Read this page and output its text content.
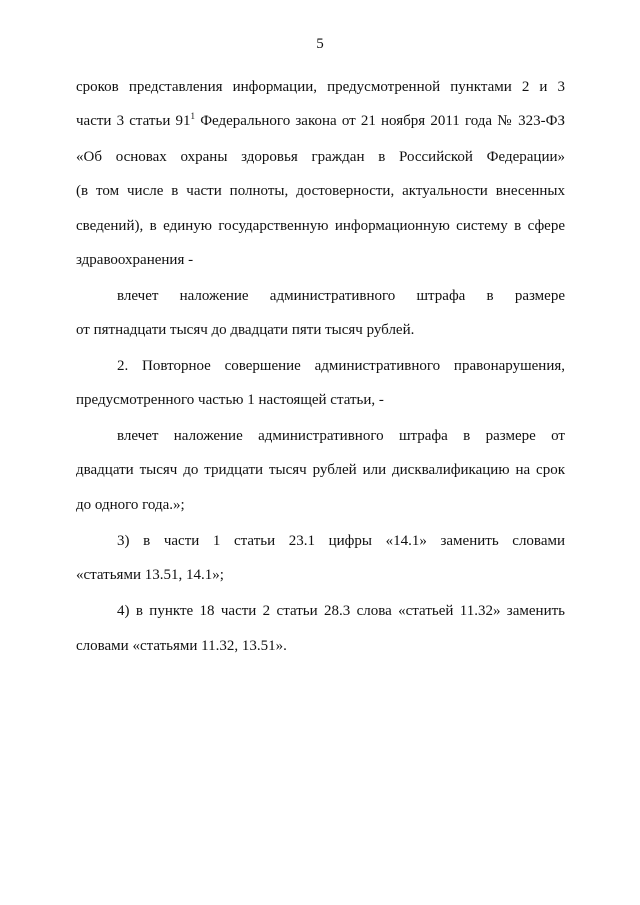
5
сроков представления информации, предусмотренной пунктами 2 и 3
части 3 статьи $91^1$ Федерального закона от 21 ноября 2011 года № 323-ФЗ
«Об основах охраны здоровья граждан в Российской Федерации»
(в том числе в части полноты, достоверности, актуальности внесенных
сведений), в единую государственную информационную систему в сфере
здравоохранения -
влечет наложение административного штрафа в размере
от пятнадцати тысяч до двадцати пяти тысяч рублей.
2. Повторное совершение административного правонарушения,
предусмотренного частью 1 настоящей статьи, -
влечет наложение административного штрафа в размере от
двадцати тысяч до тридцати тысяч рублей или дисквалификацию на срок
до одного года.»;
3) в части 1 статьи 23.1 цифры «14.1» заменить словами
«статьями 13.51, 14.1»;
4) в пункте 18 части 2 статьи 28.3 слова «статьей 11.32» заменить
словами «статьями 11.32, 13.51».
